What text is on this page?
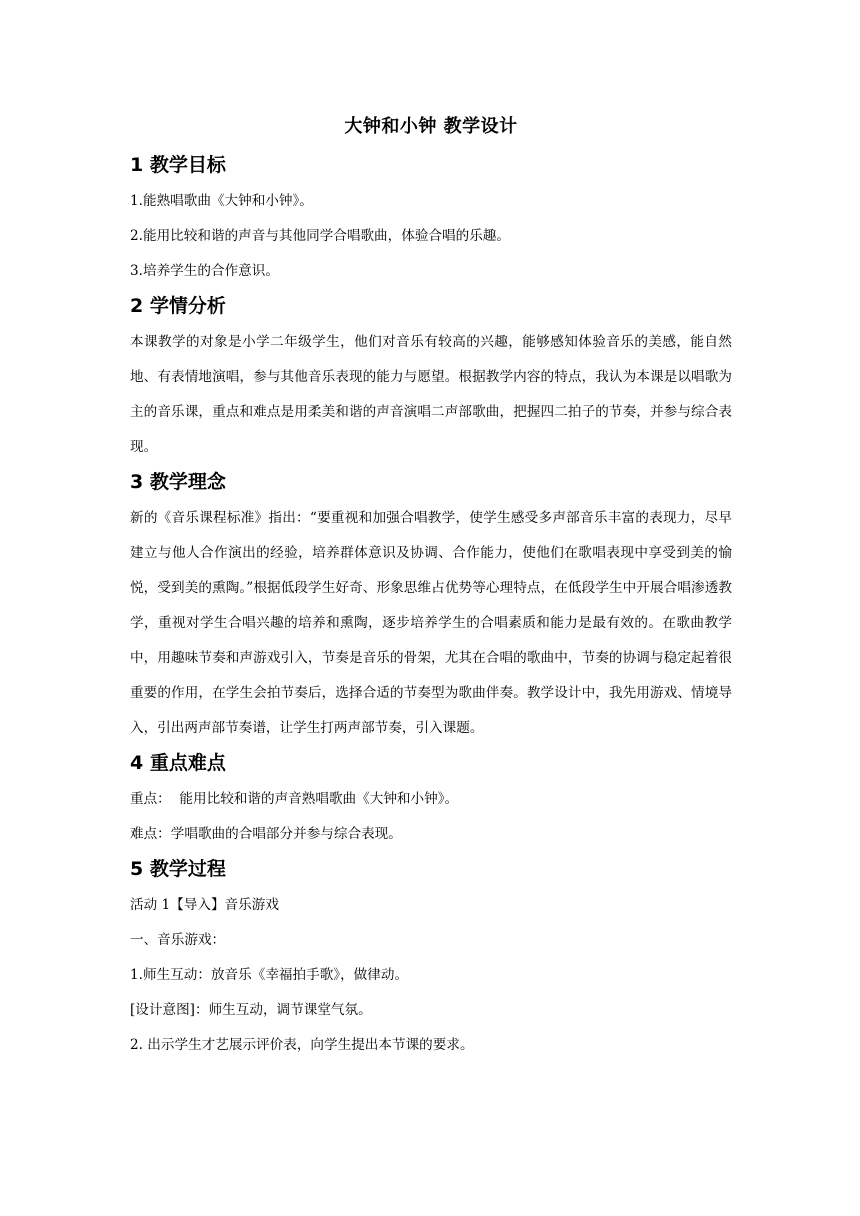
大钟和小钟 教学设计
1 教学目标

1.能熟唱歌曲《大钟和小钟》。

2.能用比较和谐的声音与其他同学合唱歌曲，体验合唱的乐趣。

3.培养学生的合作意识。

2 学情分析

本课教学的对象是小学二年级学生，他们对音乐有较高的兴趣，能够感知体验音乐的美感，能自然地、有表情地演唱，参与其他音乐表现的能力与愿望。根据教学内容的特点，我认为本课是以唱歌为主的音乐课，重点和难点是用柔美和谐的声音演唱二声部歌曲，把握四二拍子的节奏，并参与综合表现。

3 教学理念

新的《音乐课程标准》指出：“要重视和加强合唱教学，使学生感受多声部音乐丰富的表现力，尽早建立与他人合作演出的经验，培养群体意识及协调、合作能力，使他们在歌唱表现中享受到美的愉悦，受到美的熏陶。”根据低段学生好奇、形象思维占优势等心理特点，在低段学生中开展合唱渗透教学，重视对学生合唱兴趣的培养和熏陶，逐步培养学生的合唱素质和能力是最有效的。在歌曲教学中，用趣味节奏和声游戏引入，节奏是音乐的骨架，尤其在合唱的歌曲中，节奏的协调与稳定起着很重要的作用，在学生会拍节奏后，选择合适的节奏型为歌曲伴奏。教学设计中，我先用游戏、情境导入，引出两声部节奏谱，让学生打两声部节奏，引入课题。

4 重点难点

重点：  能用比较和谐的声音熟唱歌曲《大钟和小钟》。

难点：学唱歌曲的合唱部分并参与综合表现。

5 教学过程

活动 1【导入】音乐游戏

一、音乐游戏：

1.师生互动：放音乐《幸福拍手歌》，做律动。

[设计意图]：师生互动，调节课堂气氛。

2. 出示学生才艺展示评价表，向学生提出本节课的要求。
